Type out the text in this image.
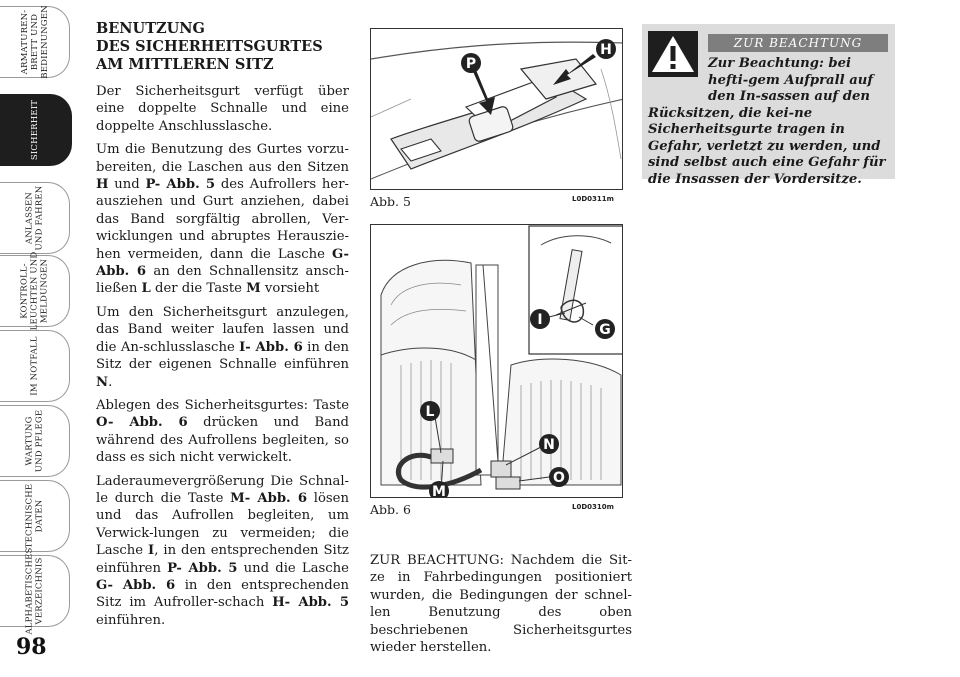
ARMATUREN-
BRETT UND
BEDIENUNGEN
SICHERHEIT
ANLASSEN
UND FAHREN
KONTROLL-
LEUCHTEN UND
MELDUNGEN
IM NOTFALL
WARTUNG
UND PFLEGE
TECHNISCHE
DATEN
ALPHABETISCHES
VERZEICHNIS
98

BENUTZUNG
DES SICHERHEITSGURTES
AM MITTLEREN SITZ

Der Sicherheitsgurt verfügt über eine doppelte Schnalle und eine doppelte Anschlusslasche.

Um die Benutzung des Gurtes vorzu-bereiten, die Laschen aus den Sitzen H und P- Abb. 5 des Aufrollers her-ausziehen und Gurt anziehen, dabei das Band sorgfältig abrollen, Ver-wicklungen und abruptes Herauszie-hen vermeiden, dann die Lasche G- Abb. 6 an den Schnallensitz ansch-ließen L der die Taste M vorsieht

Um den Sicherheitsgurt anzulegen, das Band weiter laufen lassen und die An-schlusslasche I- Abb. 6 in den Sitz der eigenen Schnalle einführen N.

Ablegen des Sicherheitsgurtes: Taste O- Abb. 6 drücken und Band während des Aufrollens begleiten, so dass es sich nicht verwickelt.

Laderaumevergrößerung Die Schnal-le durch die Taste M- Abb. 6 lösen und das Aufrollen begleiten, um Verwick-lungen zu vermeiden; die Lasche I, in den entsprechenden Sitz einführen P- Abb. 5 und die Lasche G- Abb. 6 in den entsprechenden Sitz im Aufroller-schach H- Abb. 5 einführen.

P
H
Abb. 5	L0D0311m
I
G
L
N
O
M
Abb. 6	L0D0310m
ZUR BEACHTUNG: Nachdem die Sit-ze in Fahrbedingungen positioniert wurden, die Bedingungen der schnel-len Benutzung des oben beschriebenen Sicherheitsgurtes wieder herstellen.
ZUR BEACHTUNG
Zur Beachtung: bei hefti-gem Aufprall auf den In-sassen auf den Rücksitzen, die kei-ne Sicherheitsgurte tragen in Gefahr, verletzt zu werden, und sind selbst auch eine Gefahr für die Insassen der Vordersitze.
